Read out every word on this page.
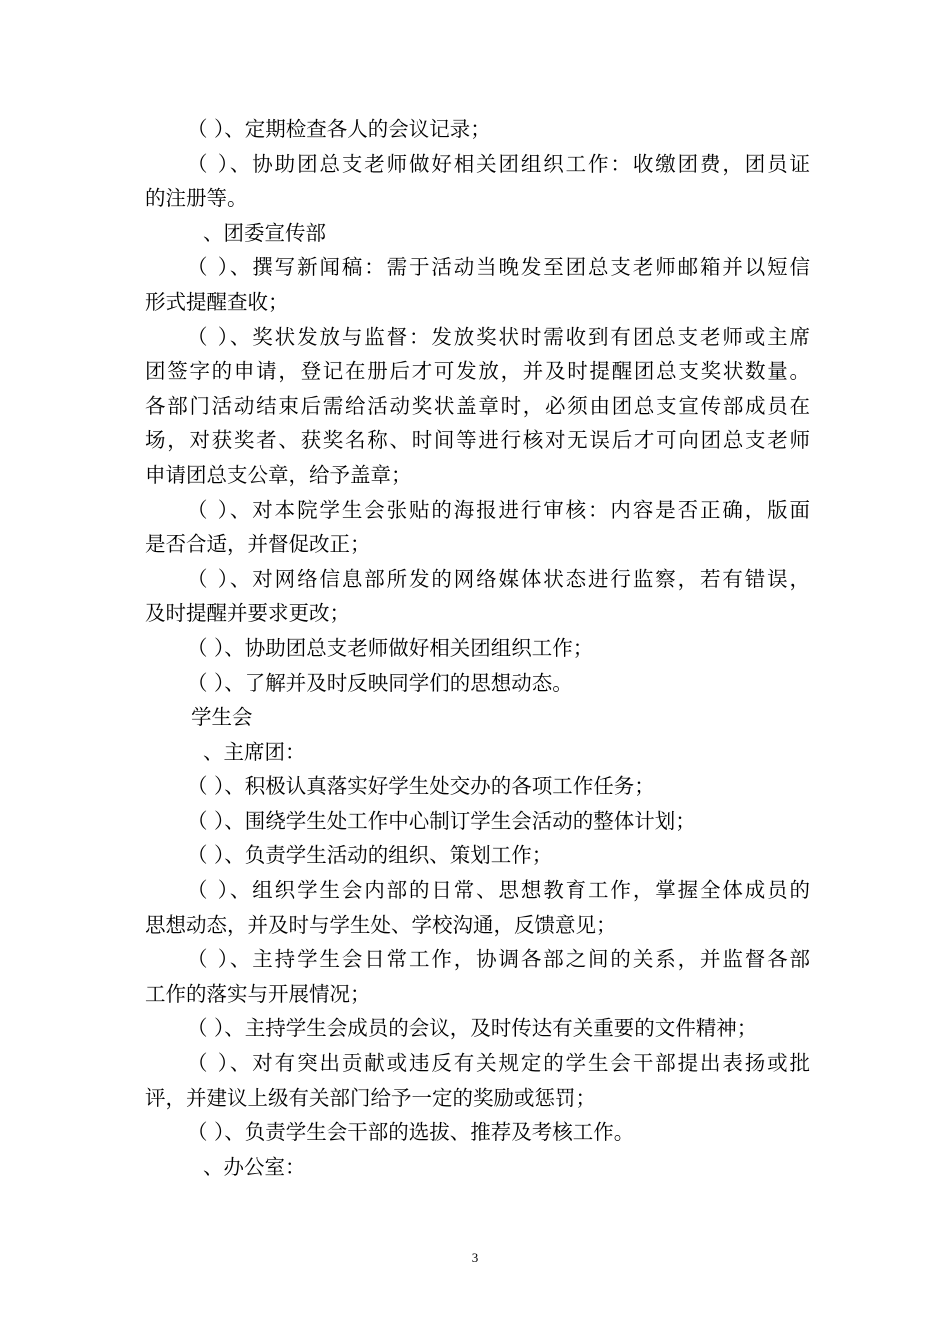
（ ）、定期检查各人的会议记录；
（ ）、协助团总支老师做好相关团组织工作：收缴团费，团员证
的注册等。
、团委宣传部
（ ）、撰写新闻稿：需于活动当晚发至团总支老师邮箱并以短信
形式提醒查收；
（ ）、奖状发放与监督：发放奖状时需收到有团总支老师或主席
团签字的申请，登记在册后才可发放，并及时提醒团总支奖状数量。
各部门活动结束后需给活动奖状盖章时，必须由团总支宣传部成员在
场，对获奖者、获奖名称、时间等进行核对无误后才可向团总支老师
申请团总支公章，给予盖章；
（ ）、对本院学生会张贴的海报进行审核：内容是否正确，版面
是否合适，并督促改正；
（ ）、对网络信息部所发的网络媒体状态进行监察，若有错误，
及时提醒并要求更改；
（ ）、协助团总支老师做好相关团组织工作；
（ ）、了解并及时反映同学们的思想动态。
学生会
、主席团：
（ ）、积极认真落实好学生处交办的各项工作任务；
（ ）、围绕学生处工作中心制订学生会活动的整体计划；
（ ）、负责学生活动的组织、策划工作；
（ ）、组织学生会内部的日常、思想教育工作，掌握全体成员的
思想动态，并及时与学生处、学校沟通，反馈意见；
（ ）、主持学生会日常工作，协调各部之间的关系，并监督各部
工作的落实与开展情况；
（ ）、主持学生会成员的会议，及时传达有关重要的文件精神；
（ ）、对有突出贡献或违反有关规定的学生会干部提出表扬或批
评，并建议上级有关部门给予一定的奖励或惩罚；
（ ）、负责学生会干部的选拔、推荐及考核工作。
、办公室：
3
